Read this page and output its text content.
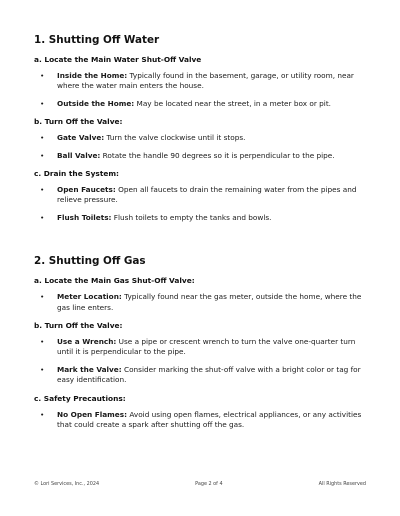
1. Shutting Off Water
a. Locate the Main Water Shut-Off Valve
• Inside the Home: Typically found in the basement, garage, or utility room, near where the water main enters the house.
• Outside the Home: May be located near the street, in a meter box or pit.
b. Turn Off the Valve:
• Gate Valve: Turn the valve clockwise until it stops.
• Ball Valve: Rotate the handle 90 degrees so it is perpendicular to the pipe.
c. Drain the System:
• Open Faucets: Open all faucets to drain the remaining water from the pipes and relieve pressure.
• Flush Toilets: Flush toilets to empty the tanks and bowls.
2. Shutting Off Gas
a. Locate the Main Gas Shut-Off Valve:
• Meter Location: Typically found near the gas meter, outside the home, where the gas line enters.
b. Turn Off the Valve:
• Use a Wrench: Use a pipe or crescent wrench to turn the valve one-quarter turn until it is perpendicular to the pipe.
• Mark the Valve: Consider marking the shut-off valve with a bright color or tag for easy identification.
c. Safety Precautions:
• No Open Flames: Avoid using open flames, electrical appliances, or any activities that could create a spark after shutting off the gas.
© Lori Services, Inc., 2024	Page 2 of 4	All Rights Reserved
